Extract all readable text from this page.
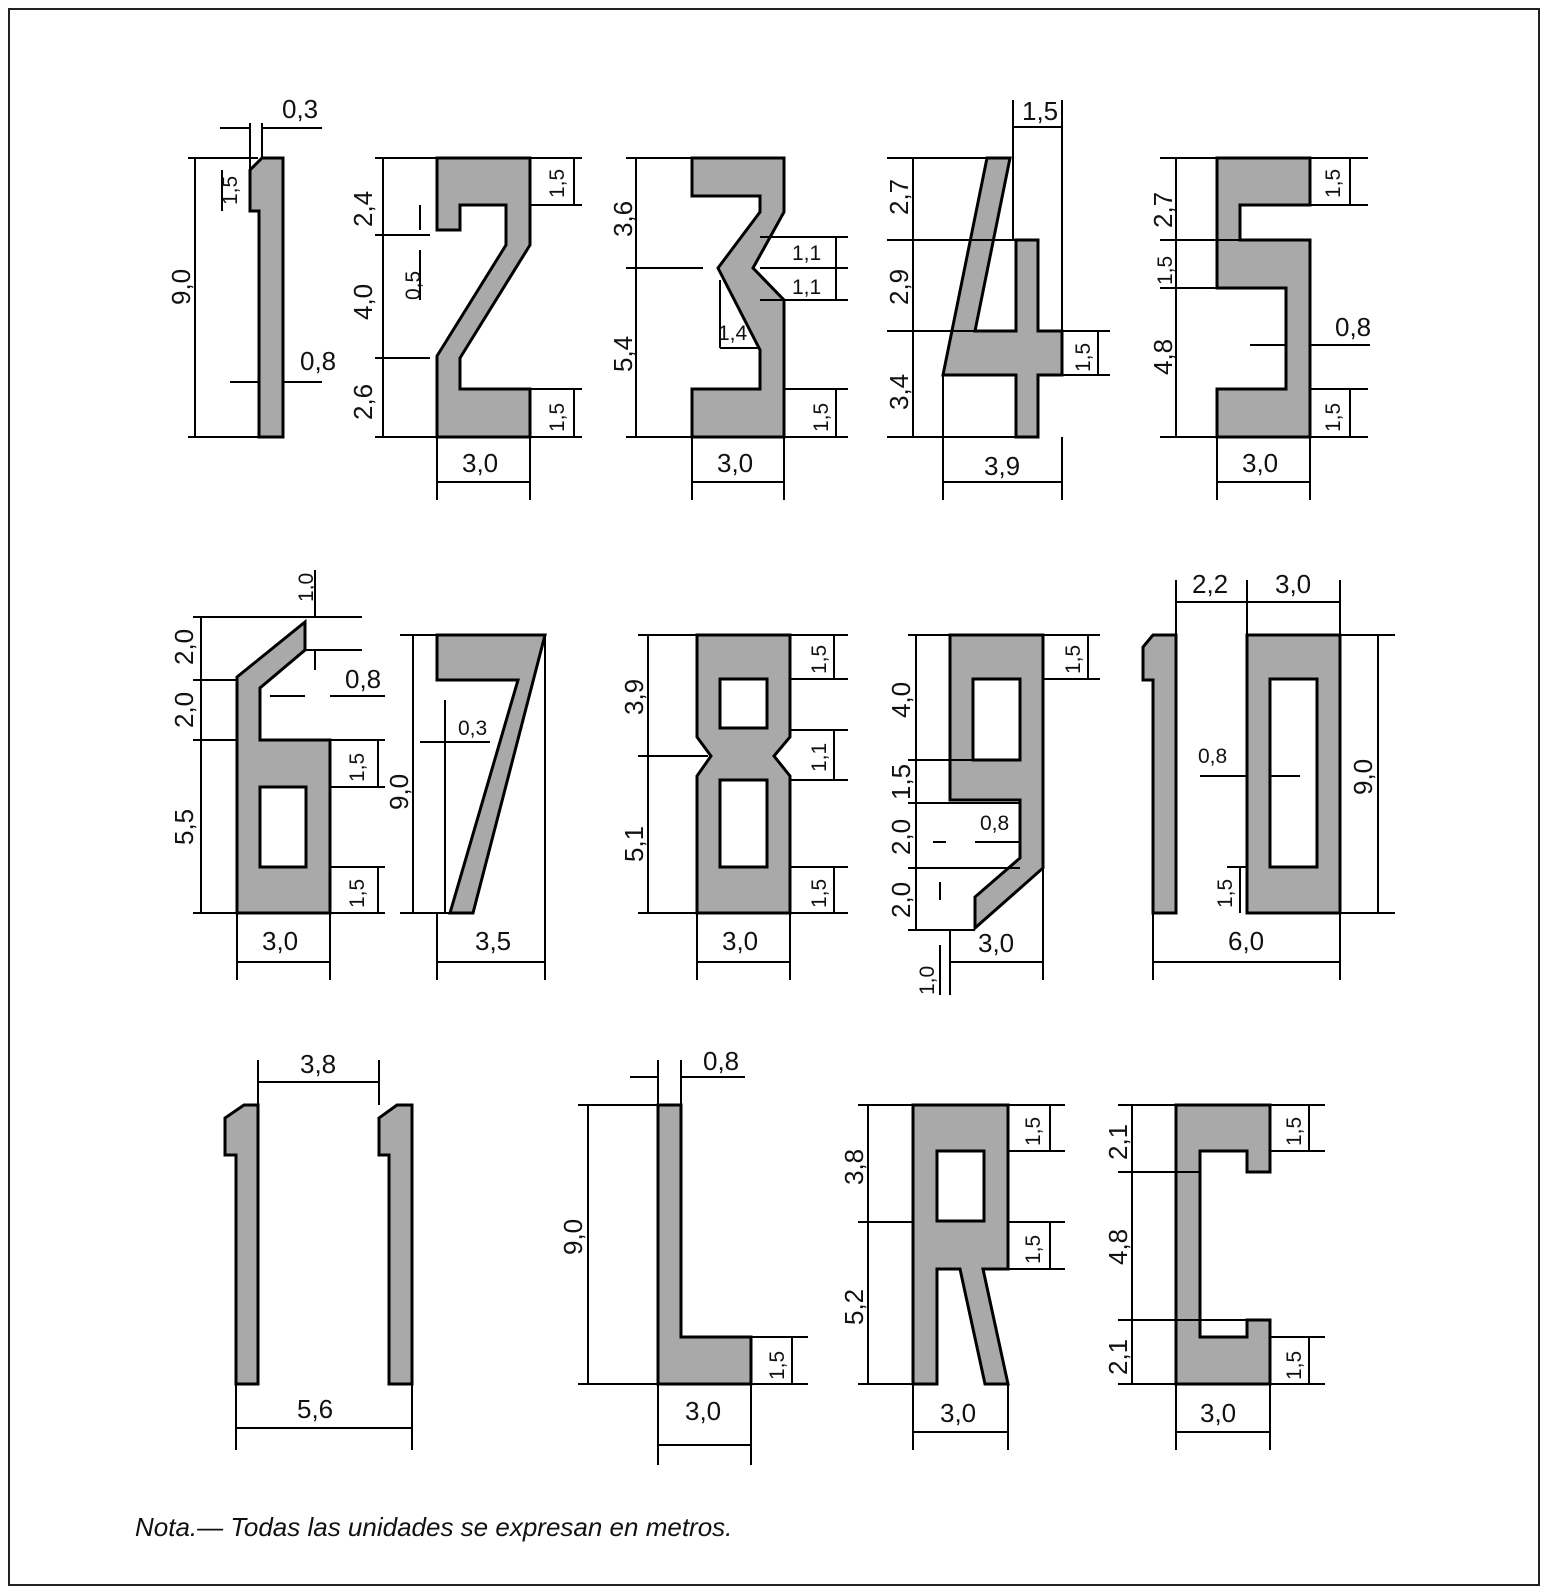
9,0
1,5
0,8
0,3
2,4
4,0
2,6
0,5
1,5
1,5
3,0
3,6
5,4
1,1
1,1
1,4
1,5
3,0
1,5
2,7
2,9
3,4
1,5
3,9
2,7
1,5
4,8
1,5
0,8
1,5
3,0
1,0
2,0
2,0
5,5
0,8
1,5
1,5
3,0
9,0
0,3
3,5
3,9
5,1
1,5
1,1
1,5
3,0
4,0
1,5
2,0
2,0
1,5
0,8
1,0
3,0
2,2 3,0
0,8
1,5
9,0
6,0
3,8
5,6
0,8
9,0
1,5
3,0
3,8
5,2
1,5
1,5
3,0
2,1
4,8
2,1
1,5
1,5
3,0

Nota.— Todas las unidades se expresan en metros.
